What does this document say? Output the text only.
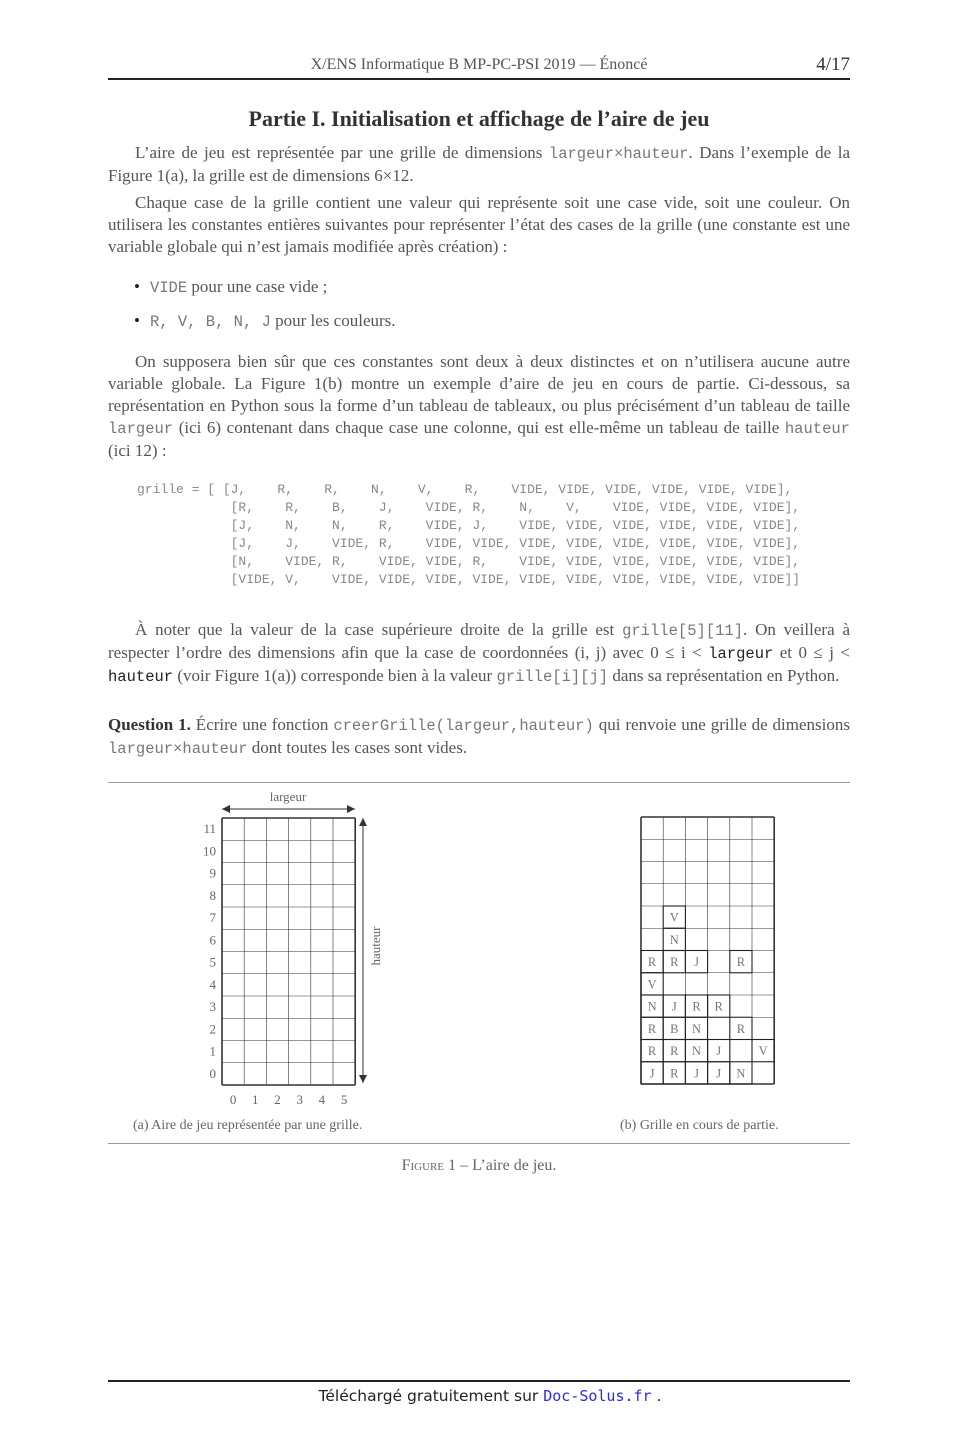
X/ENS Informatique B MP-PC-PSI 2019 — Énoncé	4/17
Partie I. Initialisation et affichage de l’aire de jeu
L’aire de jeu est représentée par une grille de dimensions largeur×hauteur. Dans l’exemple de la Figure 1(a), la grille est de dimensions 6×12.
Chaque case de la grille contient une valeur qui représente soit une case vide, soit une couleur. On utilisera les constantes entières suivantes pour représenter l’état des cases de la grille (une constante est une variable globale qui n’est jamais modifiée après création) :
• VIDE pour une case vide ;
• R, V, B, N, J pour les couleurs.
On supposera bien sûr que ces constantes sont deux à deux distinctes et on n’utilisera aucune autre variable globale. La Figure 1(b) montre un exemple d’aire de jeu en cours de partie. Ci-dessous, sa représentation en Python sous la forme d’un tableau de tableaux, ou plus précisément d’un tableau de taille largeur (ici 6) contenant dans chaque case une colonne, qui est elle-même un tableau de taille hauteur (ici 12) :
grille = [ [J,    R,    R,    N,    V,    R,    VIDE, VIDE, VIDE, VIDE, VIDE, VIDE],
[R,    R,    B,    J,    VIDE, R,    N,    V,    VIDE, VIDE, VIDE, VIDE],
[J,    N,    N,    R,    VIDE, J,    VIDE, VIDE, VIDE, VIDE, VIDE, VIDE],
[J,    J,    VIDE, R,    VIDE, VIDE, VIDE, VIDE, VIDE, VIDE, VIDE, VIDE],
[N,    VIDE, R,    VIDE, VIDE, R,    VIDE, VIDE, VIDE, VIDE, VIDE, VIDE],
[VIDE, V,    VIDE, VIDE, VIDE, VIDE, VIDE, VIDE, VIDE, VIDE, VIDE, VIDE]]
À noter que la valeur de la case supérieure droite de la grille est grille[5][11]. On veillera à respecter l’ordre des dimensions afin que la case de coordonnées (i, j) avec 0 ≤ i < largeur et 0 ≤ j < hauteur (voir Figure 1(a)) corresponde bien à la valeur grille[i][j] dans sa représentation en Python.
Question 1. Écrire une fonction creerGrille(largeur,hauteur) qui renvoie une grille de dimensions largeur×hauteur dont toutes les cases sont vides.
largeur
hauteur
0
1
2
3
4
5
6
7
8
9
10
11
0 1 2 3 4 5
J
R
R
N
V
R
R
R
B
J
R
N
V
J
N
N
R
J
J
J
R
N
R
R
V
(a) Aire de jeu représentée par une grille.	(b) Grille en cours de partie.
Figure 1 – L’aire de jeu.
Téléchargé gratuitement sur Doc-Solus.fr .
